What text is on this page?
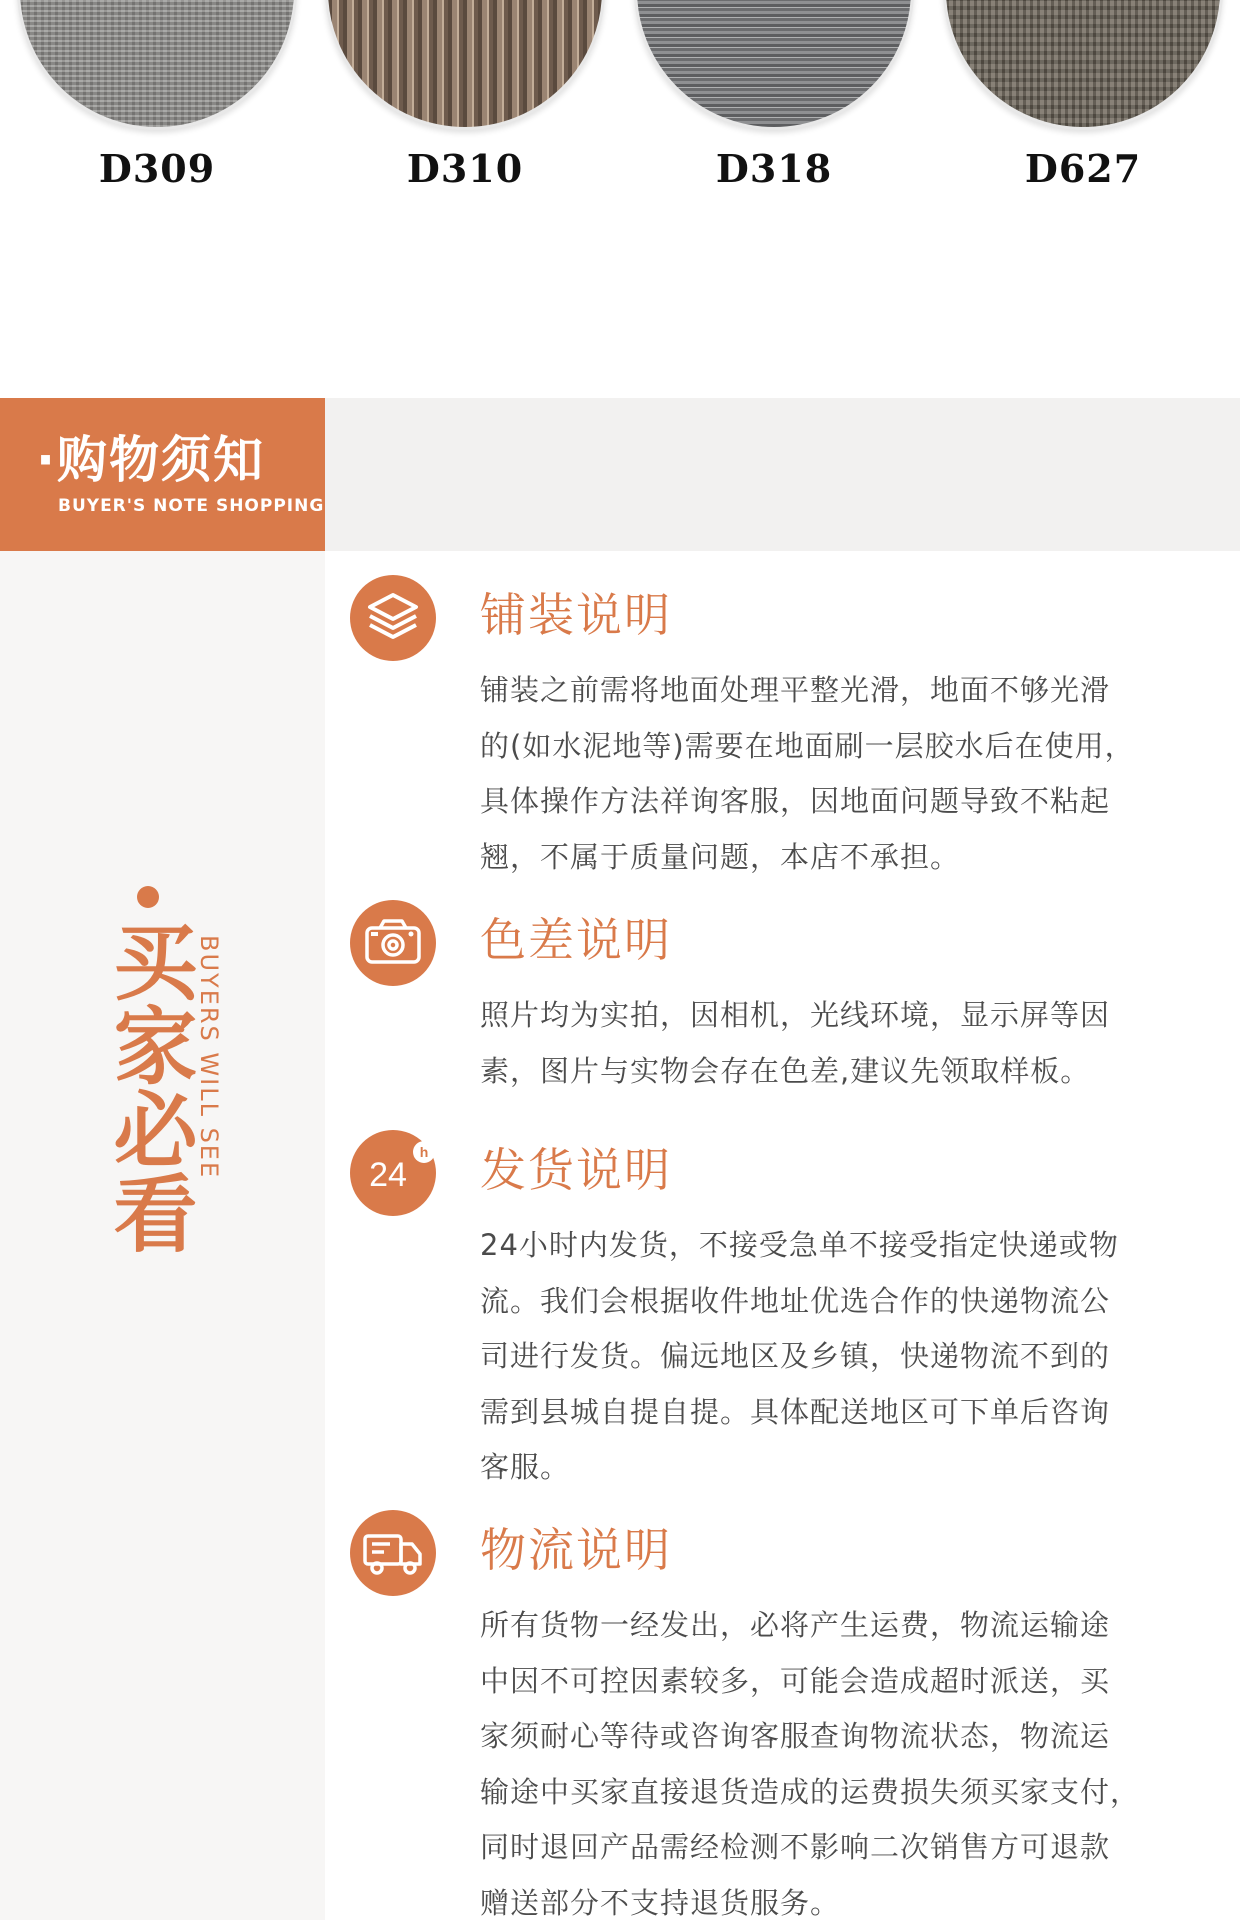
D309	D310	D318	D627
·购物须知
BUYER'S NOTE SHOPPING
买家必看
BUYERS WILL SEE
铺装说明
铺装之前需将地面处理平整光滑，地面不够光滑
的(如水泥地等)需要在地面刷一层胶水后在使用，
具体操作方法祥询客服，因地面问题导致不粘起
翘，不属于质量问题，本店不承担。
色差说明
照片均为实拍，因相机，光线环境，显示屏等因
素，图片与实物会存在色差,建议先领取样板。
24
h 发货说明
24小时内发货，不接受急单不接受指定快递或物
流。我们会根据收件地址优选合作的快递物流公
司进行发货。偏远地区及乡镇，快递物流不到的
需到县城自提自提。具体配送地区可下单后咨询
客服。
物流说明
所有货物一经发出，必将产生运费，物流运输途
中因不可控因素较多，可能会造成超时派送，买
家须耐心等待或咨询客服查询物流状态，物流运
输途中买家直接退货造成的运费损失须买家支付，
同时退回产品需经检测不影响二次销售方可退款
赠送部分不支持退货服务。
